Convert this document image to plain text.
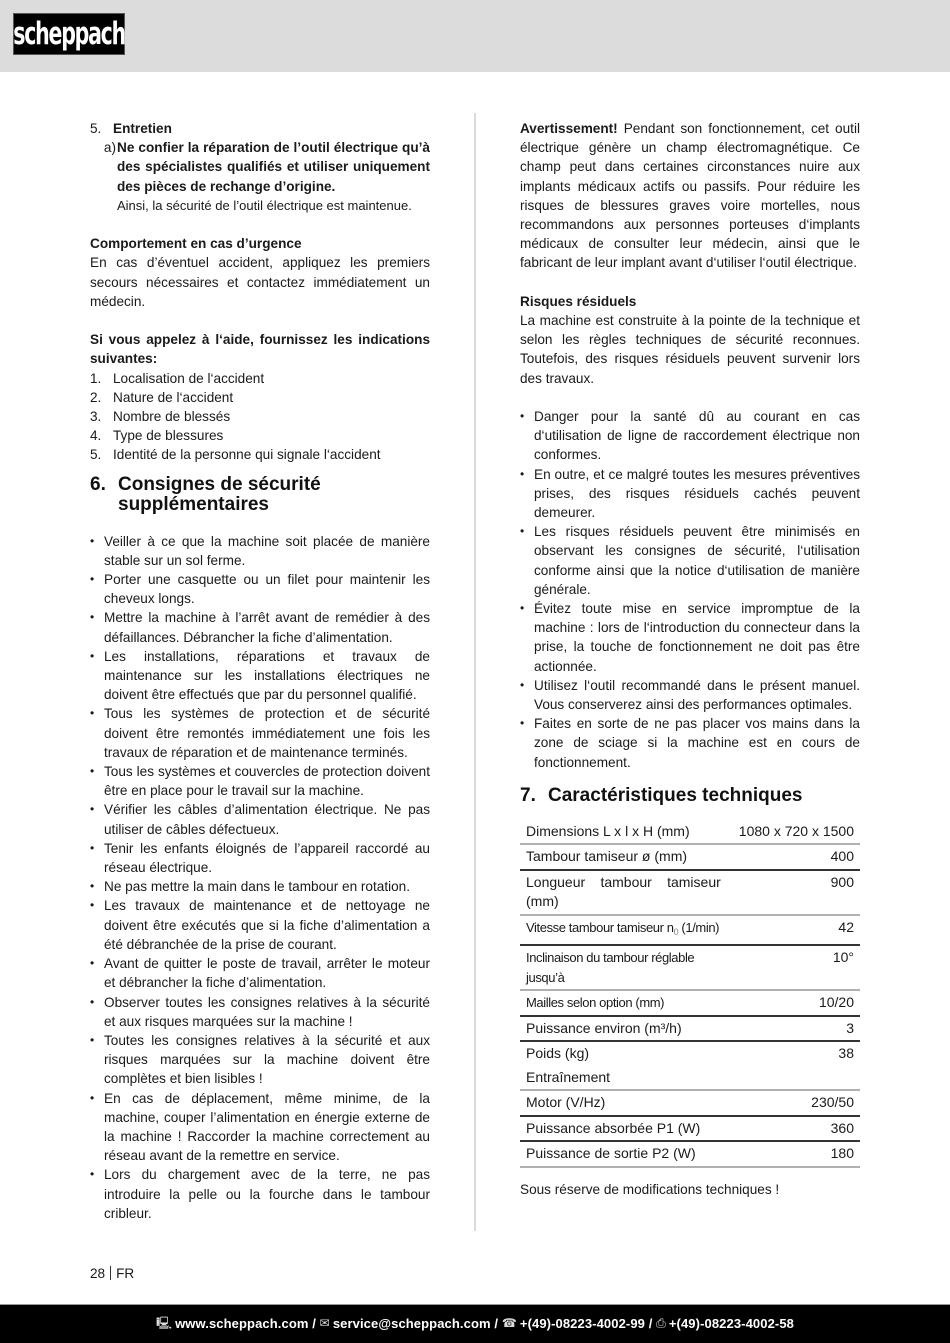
scheppach
5. Entretien
a) Ne confier la réparation de l’outil électrique qu’à des spécialistes qualifiés et utiliser uniquement des pièces de rechange d’origine.

Ainsi, la sécurité de l’outil électrique est maintenue.

Comportement en cas d’urgence

En cas d’éventuel accident, appliquez les premiers secours nécessaires et contactez immédiatement un médecin.

Si vous appelez à l‘aide, fournissez les indications suivantes:

1. Localisation de l‘accident
2. Nature de l‘accident
3. Nombre de blessés
4. Type de blessures
5. Identité de la personne qui signale l‘accident
6. Consignes de sécurité supplémentaires
• Veiller à ce que la machine soit placée de manière stable sur un sol ferme.
• Porter une casquette ou un filet pour maintenir les cheveux longs.
• Mettre la machine à l’arrêt avant de remédier à des défaillances. Débrancher la fiche d’alimentation.
• Les installations, réparations et travaux de maintenance sur les installations électriques ne doivent être effectués que par du personnel qualifié.
• Tous les systèmes de protection et de sécurité doivent être remontés immédiatement une fois les travaux de réparation et de maintenance terminés.
• Tous les systèmes et couvercles de protection doivent être en place pour le travail sur la machine.
• Vérifier les câbles d’alimentation électrique. Ne pas utiliser de câbles défectueux.
• Tenir les enfants éloignés de l’appareil raccordé au réseau électrique.
• Ne pas mettre la main dans le tambour en rotation.
• Les travaux de maintenance et de nettoyage ne doivent être exécutés que si la fiche d’alimentation a été débranchée de la prise de courant.
• Avant de quitter le poste de travail, arrêter le moteur et débrancher la fiche d’alimentation.
• Observer toutes les consignes relatives à la sécurité et aux risques marquées sur la machine !
• Toutes les consignes relatives à la sécurité et aux risques marquées sur la machine doivent être complètes et bien lisibles !
• En cas de déplacement, même minime, de la machine, couper l’alimentation en énergie externe de la machine ! Raccorder la machine correctement au réseau avant de la remettre en service.
• Lors du chargement avec de la terre, ne pas introduire la pelle ou la fourche dans le tambour cribleur.

Avertissement! Pendant son fonctionnement, cet outil électrique génère un champ électromagnétique. Ce champ peut dans certaines circonstances nuire aux implants médicaux actifs ou passifs. Pour réduire les risques de blessures graves voire mortelles, nous recommandons aux personnes porteuses d‘implants médicaux de consulter leur médecin, ainsi que le fabricant de leur implant avant d‘utiliser l‘outil électrique.

Risques résiduels

La machine est construite à la pointe de la technique et selon les règles techniques de sécurité reconnues. Toutefois, des risques résiduels peuvent survenir lors des travaux.

• Danger pour la santé dû au courant en cas d‘utilisation de ligne de raccordement électrique non conformes.
• En outre, et ce malgré toutes les mesures préventives prises, des risques résiduels cachés peuvent demeurer.
• Les risques résiduels peuvent être minimisés en observant les consignes de sécurité, l‘utilisation conforme ainsi que la notice d‘utilisation de manière générale.
• Évitez toute mise en service impromptue de la machine : lors de l‘introduction du connecteur dans la prise, la touche de fonctionnement ne doit pas être actionnée.
• Utilisez l‘outil recommandé dans le présent manuel. Vous conserverez ainsi des performances optimales.
• Faites en sorte de ne pas placer vos mains dans la zone de sciage si la machine est en cours de fonctionnement.
7. Caractéristiques techniques
Dimensions L x l x H (mm)	1080 x 720 x 1500
Tambour tamiseur ø (mm)	400
Longueur tambour tamiseur (mm)	900
Vitesse tambour tamiseur $n_0$ (1/min)	42
Inclinaison du tambour réglable jusqu’à	10°
Mailles selon option (mm)	10/20
Puissance environ (m³/h)	3
Poids (kg)	38
Entraînement	
Motor (V/Hz)	230/50
Puissance absorbée P1 (W)	360
Puissance de sortie P2 (W)	180

Sous réserve de modifications techniques !

28 FR
🖳 www.scheppach.com / ✉ service@scheppach.com / ☎ +(49)-08223-4002-99 / ⎙ +(49)-08223-4002-58
